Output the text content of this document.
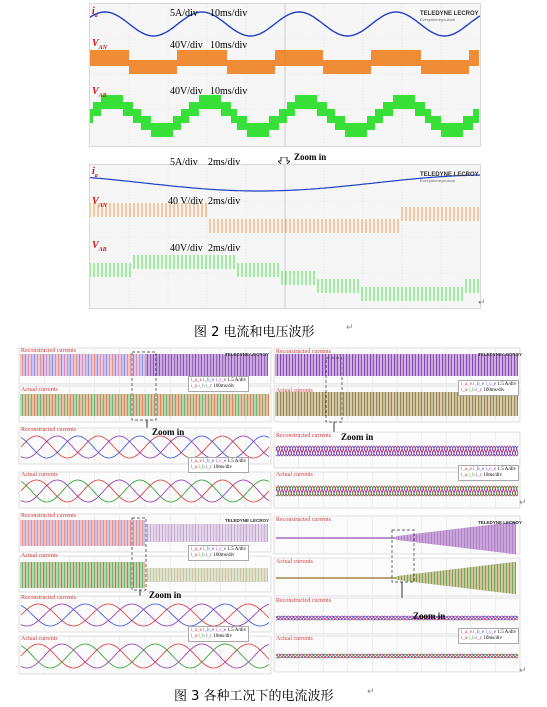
$i_a$	5A/div 10ms/div	TELEDYNE LECROY
Everywhereyoulook
$V_{AN}$	40V/div 10ms/div
$V_{AB}$	40V/div 10ms/div
Zoom in
$i_a$
5A/div 2ms/div
TELEDYNE LECROY
Everywhereyoulook
$V_{AN}$	40 V/div 2ms/div
$V_{AB}$	40V/div 2ms/div
↵
图 2 电流和电压波形	↵
TELEDYNE LECROY	TELEDYNE LECROY
TELEDYNE LECROY	TELEDYNE LECROY
Reconstructed currents
Actual currents
Reconstructed currents
Actual currents
Zoom in
Reconstructed currents
Actual currents
Reconstructed currents
Actual currents
Zoom in
Reconstructed currents
Actual currents
Reconstructed currents
Actual currents
Zoom in
Reconstructed currents
Actual currents
Reconstructed currents
Actual currents
Zoom in
i_a_e i_b_e i_c_e 1.5 A/div
i_a i_b i_c 100ms/div
i_a_e i_b_e i_c_e 1.5 A/div
i_a i_b i_c 10ms/div
i_a_e i_b_e i_c_e 1.5 A/div
i_a i_b i_c 100ms/div
i_a_e i_b_e i_c_e 1.5 A/div
i_a i_b i_c 10ms/div
i_a_e i_b_e i_c_e 1.5 A/div
i_a i_b i_c 100ms/div
i_a_e i_b_e i_c_e 1.5 A/div
i_a i_b i_c 10ms/div
i_a_e i_b_e i_c_e 1.5 A/div
i_a i_b i_c 10ms/div
↵
↵
图 3 各种工况下的电流波形	↵
